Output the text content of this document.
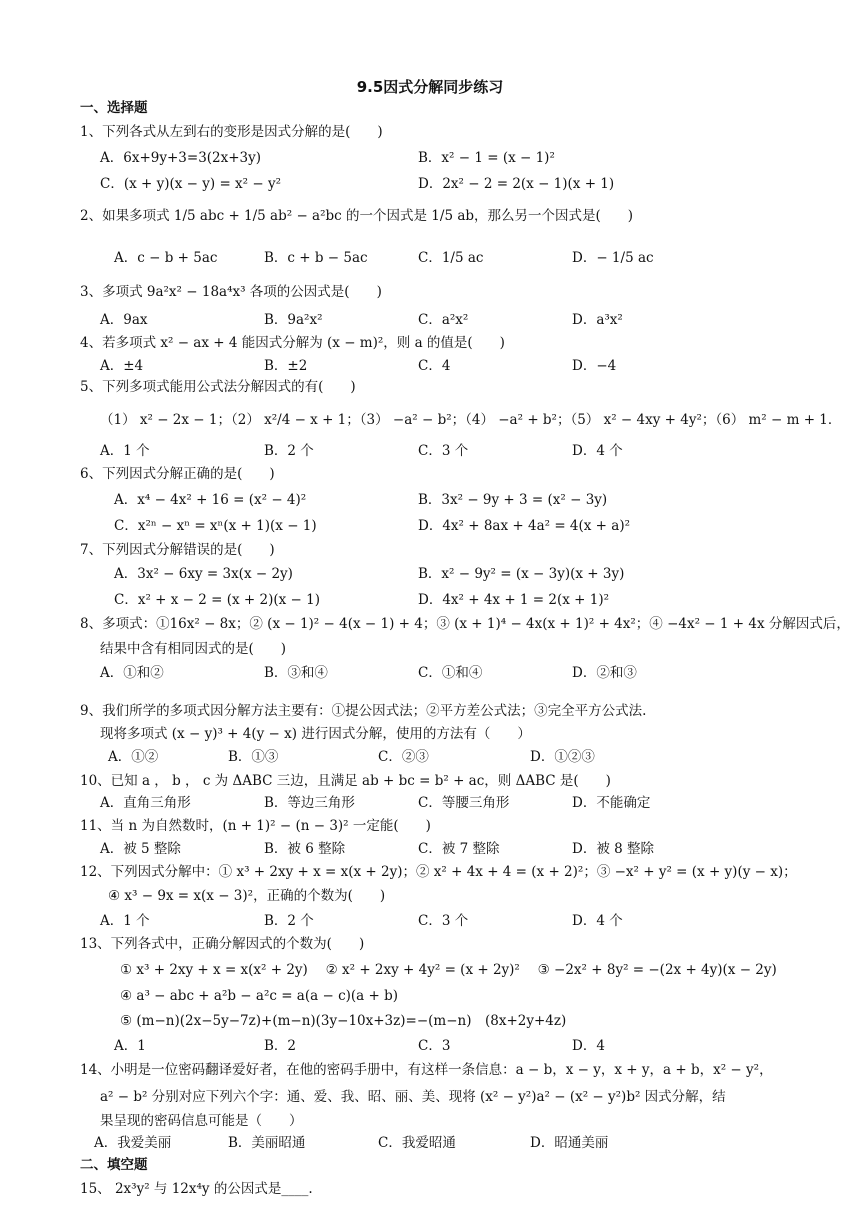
9.5因式分解同步练习
一、选择题
1、下列各式从左到右的变形是因式分解的是(　　)
A．6x+9y+3=3(2x+3y)	B．x² − 1 = (x − 1)²
C．(x + y)(x − y) = x² − y²	D．2x² − 2 = 2(x − 1)(x + 1)
2、如果多项式 1/5 abc + 1/5 ab² − a²bc 的一个因式是 1/5 ab，那么另一个因式是(　　)
A．c − b + 5ac	B．c + b − 5ac	C．1/5 ac	D．− 1/5 ac
3、多项式 9a²x² − 18a⁴x³ 各项的公因式是(　　)
A．9ax	B．9a²x²	C．a²x²	D．a³x²
4、若多项式 x² − ax + 4 能因式分解为 (x − m)²，则 a 的值是(　　)
A．±4	B．±2	C．4	D．−4
5、下列多项式能用公式法分解因式的有(　　)
（1） x² − 2x − 1；（2） x²/4 − x + 1；（3） −a² − b²；（4） −a² + b²；（5） x² − 4xy + 4y²；（6） m² − m + 1．
A．1 个	B．2 个	C．3 个	D．4 个
6、下列因式分解正确的是(　　)
A．x⁴ − 4x² + 16 = (x² − 4)²	B．3x² − 9y + 3 = (x² − 3y)
C．x²ⁿ − xⁿ = xⁿ(x + 1)(x − 1)	D．4x² + 8ax + 4a² = 4(x + a)²
7、下列因式分解错误的是(　　)
A．3x² − 6xy = 3x(x − 2y)	B．x² − 9y² = (x − 3y)(x + 3y)
C．x² + x − 2 = (x + 2)(x − 1)	D．4x² + 4x + 1 = 2(x + 1)²
8、多项式：①16x² − 8x；② (x − 1)² − 4(x − 1) + 4；③ (x + 1)⁴ − 4x(x + 1)² + 4x²；④ −4x² − 1 + 4x 分解因式后，
结果中含有相同因式的是(　　)
A．①和②	B．③和④	C．①和④	D．②和③
9、我们所学的多项式因分解方法主要有：①提公因式法；②平方差公式法；③完全平方公式法.
现将多项式 (x − y)³ + 4(y − x) 进行因式分解，使用的方法有（　　）
A．①②	B．①③	C．②③	D．①②③
10、已知 a ， b ， c 为 ΔABC 三边，且满足 ab + bc = b² + ac，则 ΔABC 是(　　)
A．直角三角形	B．等边三角形	C．等腰三角形	D．不能确定
11、当 n 为自然数时，(n + 1)² − (n − 3)² 一定能(　　)
A．被 5 整除	B．被 6 整除	C．被 7 整除	D．被 8 整除
12、下列因式分解中：① x³ + 2xy + x = x(x + 2y)；② x² + 4x + 4 = (x + 2)²；③ −x² + y² = (x + y)(y − x)；
④ x³ − 9x = x(x − 3)²，正确的个数为(　　)
A．1 个	B．2 个	C．3 个	D．4 个
13、下列各式中，正确分解因式的个数为(　　)
① x³ + 2xy + x = x(x² + 2y)　 ② x² + 2xy + 4y² = (x + 2y)²　 ③ −2x² + 8y² = −(2x + 4y)(x − 2y)
④ a³ − abc + a²b − a²c = a(a − c)(a + b)
⑤ (m−n)(2x−5y−7z)+(m−n)(3y−10x+3z)=−(m−n)　(8x+2y+4z)
A．1	B．2	C．3	D．4
14、小明是一位密码翻译爱好者，在他的密码手册中，有这样一条信息：a − b，x − y，x + y，a + b，x² − y²，
a² − b² 分别对应下列六个字：通、爱、我、昭、丽、美、现将 (x² − y²)a² − (x² − y²)b² 因式分解，结
果呈现的密码信息可能是（　　）
A．我爱美丽	B．美丽昭通	C．我爱昭通	D．昭通美丽
二、填空题
15、 2x³y² 与 12x⁴y 的公因式是____.
